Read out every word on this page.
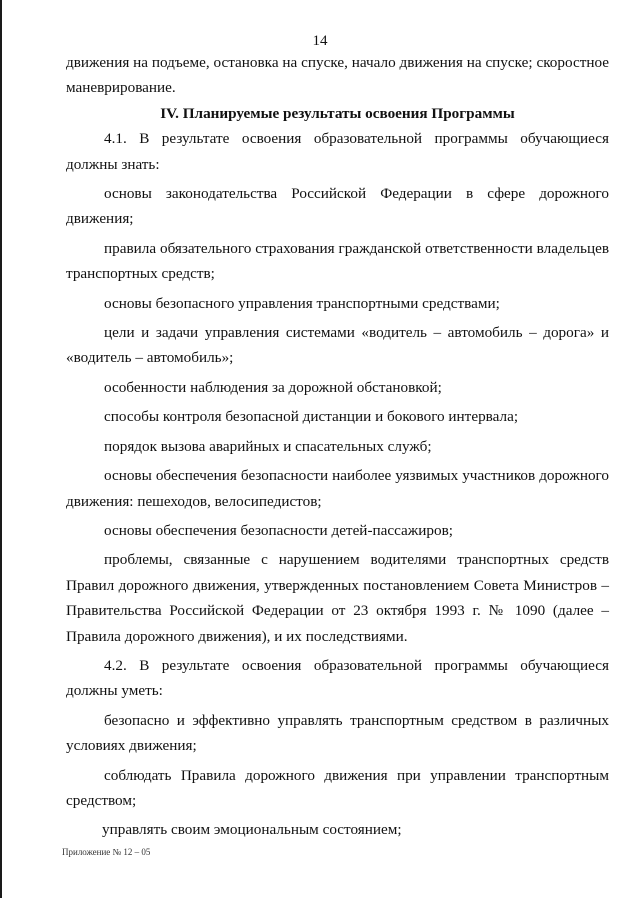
14

движения на подъеме, остановка на спуске, начало движения на спуске; скоростное маневрирование.

IV. Планируемые результаты освоения Программы

4.1. В результате освоения образовательной программы обучающиеся должны знать:

основы законодательства Российской Федерации в сфере дорожного движения;

правила обязательного страхования гражданской ответственности владельцев транспортных средств;

основы безопасного управления транспортными средствами;

цели и задачи управления системами «водитель – автомобиль – дорога» и «водитель – автомобиль»;

особенности наблюдения за дорожной обстановкой;

способы контроля безопасной дистанции и бокового интервала;

порядок вызова аварийных и спасательных служб;

основы обеспечения безопасности наиболее уязвимых участников дорожного движения: пешеходов, велосипедистов;

основы обеспечения безопасности детей-пассажиров;

проблемы, связанные с нарушением водителями транспортных средств Правил дорожного движения, утвержденных постановлением Совета Министров – Правительства Российской Федерации от 23 октября 1993 г. № 1090 (далее – Правила дорожного движения), и их последствиями.

4.2. В результате освоения образовательной программы обучающиеся должны уметь:

безопасно и эффективно управлять транспортным средством в различных условиях движения;

соблюдать Правила дорожного движения при управлении транспортным средством;

управлять своим эмоциональным состоянием;

Приложение № 12 – 05
